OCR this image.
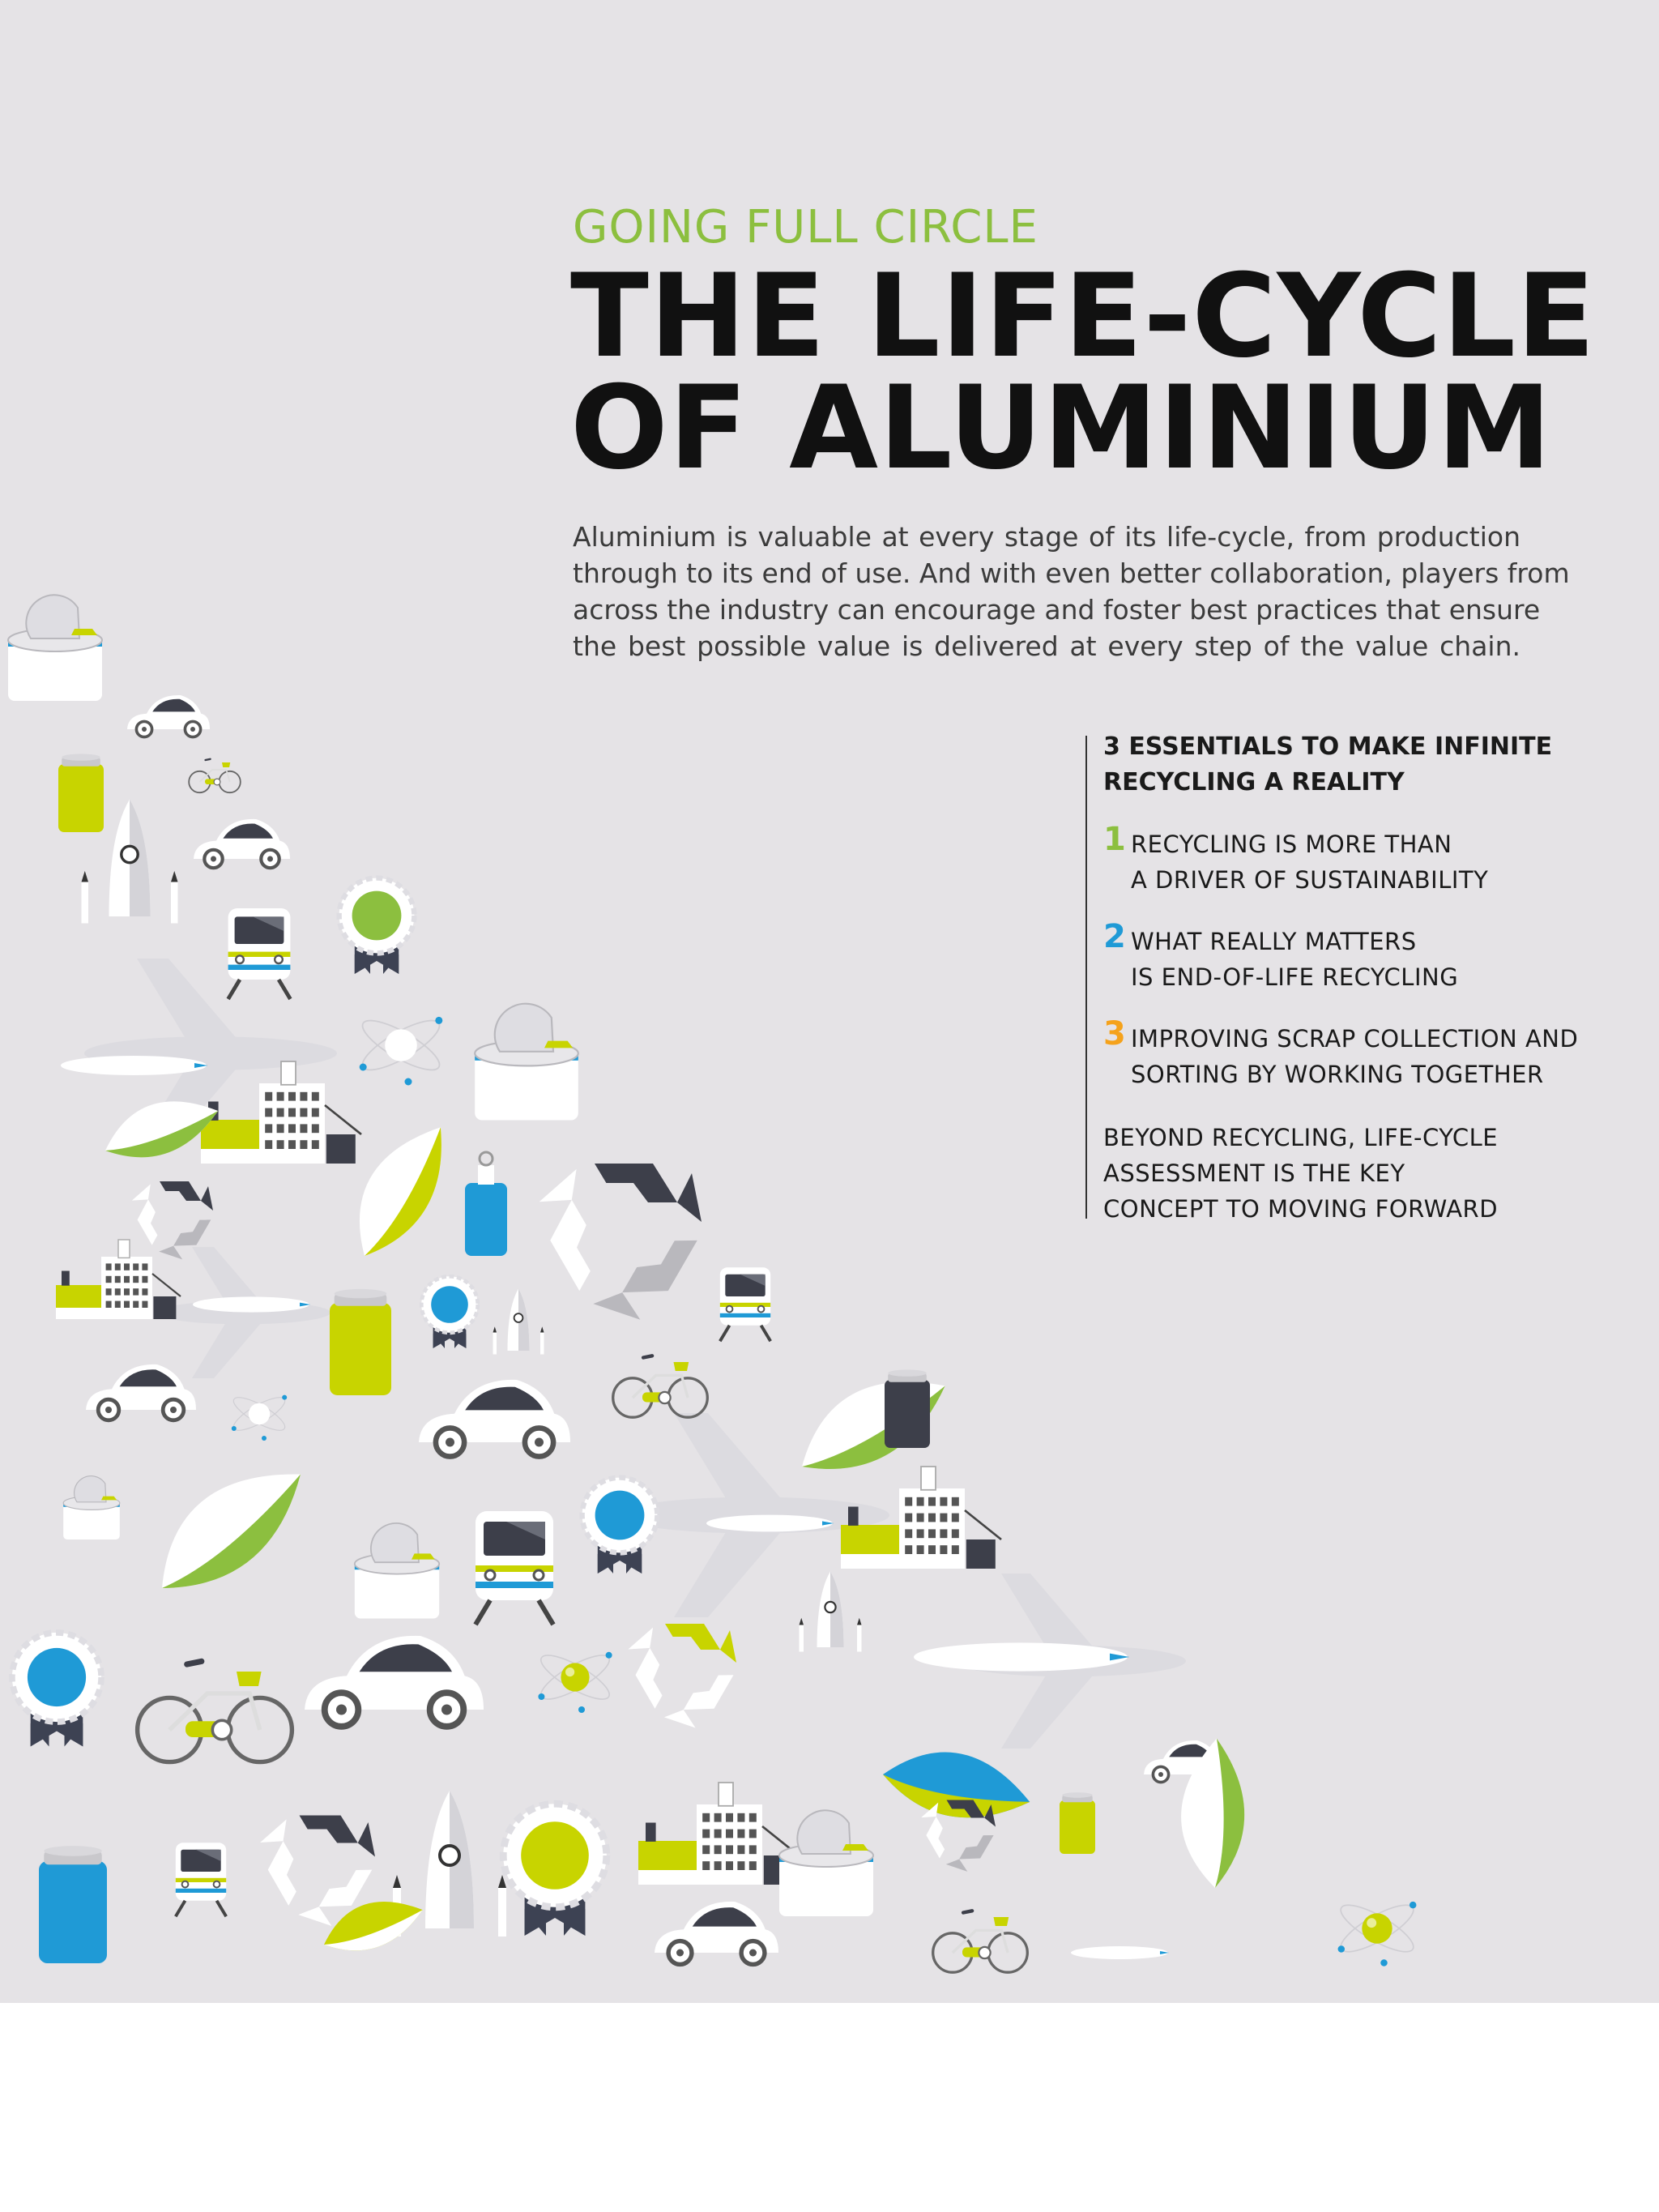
GOING FULL CIRCLE
THE LIFE-CYCLE
OF ALUMINIUM
Aluminium is valuable at every stage of its life-cycle, from production
through to its end of use. And with even better collaboration, players from
across the industry can encourage and foster best practices that ensure
the best possible value is delivered at every step of the value chain.
3 ESSENTIALS TO MAKE INFINITE
RECYCLING A REALITY
1 RECYCLING IS MORE THAN
A DRIVER OF SUSTAINABILITY
2 WHAT REALLY MATTERS
IS END-OF-LIFE RECYCLING
3 IMPROVING SCRAP COLLECTION AND
SORTING BY WORKING TOGETHER
BEYOND RECYCLING, LIFE-CYCLE
ASSESSMENT IS THE KEY
CONCEPT TO MOVING FORWARD
